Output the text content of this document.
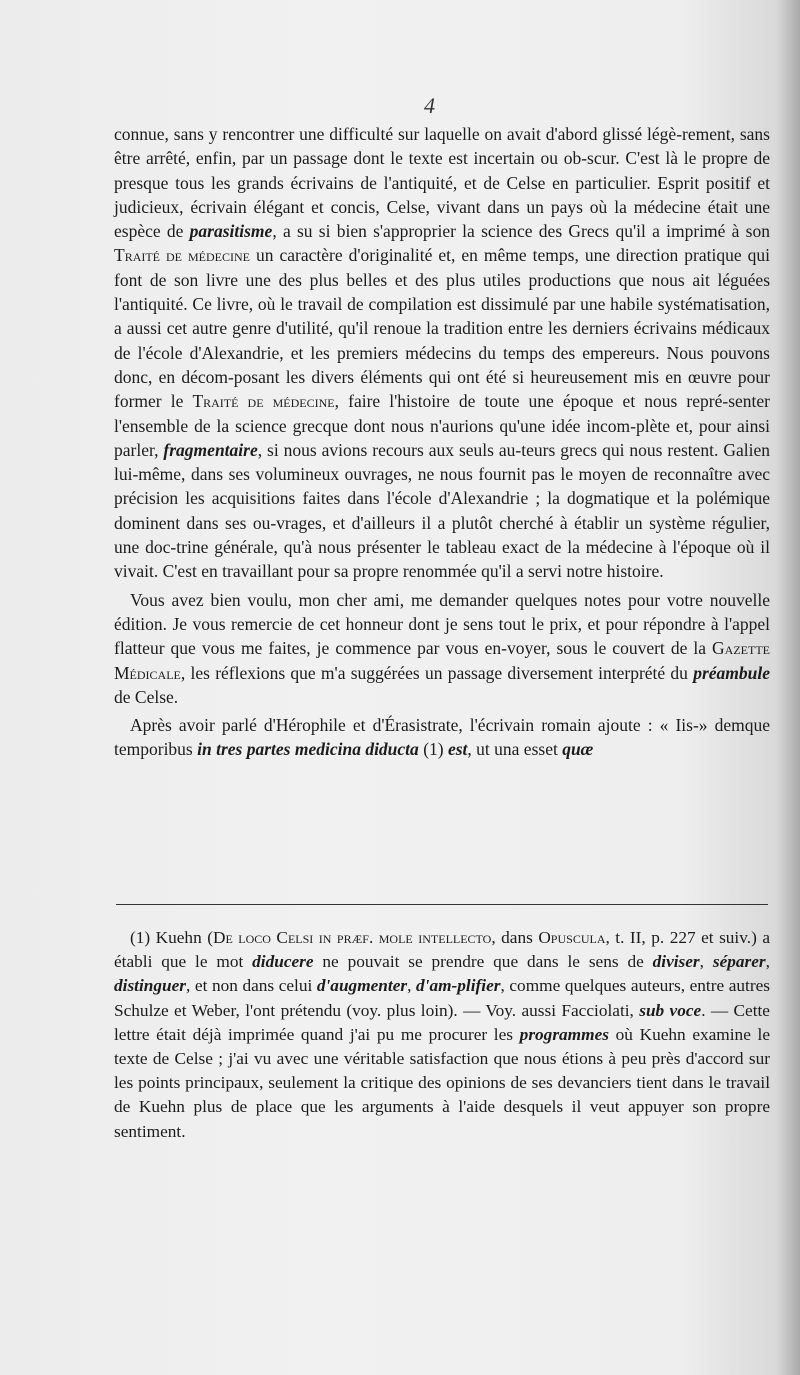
4

connue, sans y rencontrer une difficulté sur laquelle on avait d'abord glissé légè-rement, sans être arrêté, enfin, par un passage dont le texte est incertain ou ob-scur. C'est là le propre de presque tous les grands écrivains de l'antiquité, et de Celse en particulier. Esprit positif et judicieux, écrivain élégant et concis, Celse, vivant dans un pays où la médecine était une espèce de parasitisme, a su si bien s'approprier la science des Grecs qu'il a imprimé à son Traité de médecine un caractère d'originalité et, en même temps, une direction pratique qui font de son livre une des plus belles et des plus utiles productions que nous ait léguées l'antiquité. Ce livre, où le travail de compilation est dissimulé par une habile systématisation, a aussi cet autre genre d'utilité, qu'il renoue la tradition entre les derniers écrivains médicaux de l'école d'Alexandrie, et les premiers médecins du temps des empereurs. Nous pouvons donc, en décom-posant les divers éléments qui ont été si heureusement mis en œuvre pour former le Traité de médecine, faire l'histoire de toute une époque et nous repré-senter l'ensemble de la science grecque dont nous n'aurions qu'une idée incom-plète et, pour ainsi parler, fragmentaire, si nous avions recours aux seuls au-teurs grecs qui nous restent. Galien lui-même, dans ses volumineux ouvrages, ne nous fournit pas le moyen de reconnaître avec précision les acquisitions faites dans l'école d'Alexandrie ; la dogmatique et la polémique dominent dans ses ou-vrages, et d'ailleurs il a plutôt cherché à établir un système régulier, une doc-trine générale, qu'à nous présenter le tableau exact de la médecine à l'époque où il vivait. C'est en travaillant pour sa propre renommée qu'il a servi notre histoire.

Vous avez bien voulu, mon cher ami, me demander quelques notes pour votre nouvelle édition. Je vous remercie de cet honneur dont je sens tout le prix, et pour répondre à l'appel flatteur que vous me faites, je commence par vous en-voyer, sous le couvert de la Gazette Médicale, les réflexions que m'a suggérées un passage diversement interprété du préambule de Celse.

Après avoir parlé d'Hérophile et d'Érasistrate, l'écrivain romain ajoute : « Iis-» demque temporibus in tres partes medicina diducta (1) est, ut una esset quæ

(1) Kuehn (De loco Celsi in præf. mole intellecto, dans Opuscula, t. II, p. 227 et suiv.) a établi que le mot diducere ne pouvait se prendre que dans le sens de diviser, séparer, distinguer, et non dans celui d'augmenter, d'am-plifier, comme quelques auteurs, entre autres Schulze et Weber, l'ont prétendu (voy. plus loin). — Voy. aussi Facciolati, sub voce. — Cette lettre était déjà imprimée quand j'ai pu me procurer les programmes où Kuehn examine le texte de Celse ; j'ai vu avec une véritable satisfaction que nous étions à peu près d'accord sur les points principaux, seulement la critique des opinions de ses devanciers tient dans le travail de Kuehn plus de place que les arguments à l'aide desquels il veut appuyer son propre sentiment.
